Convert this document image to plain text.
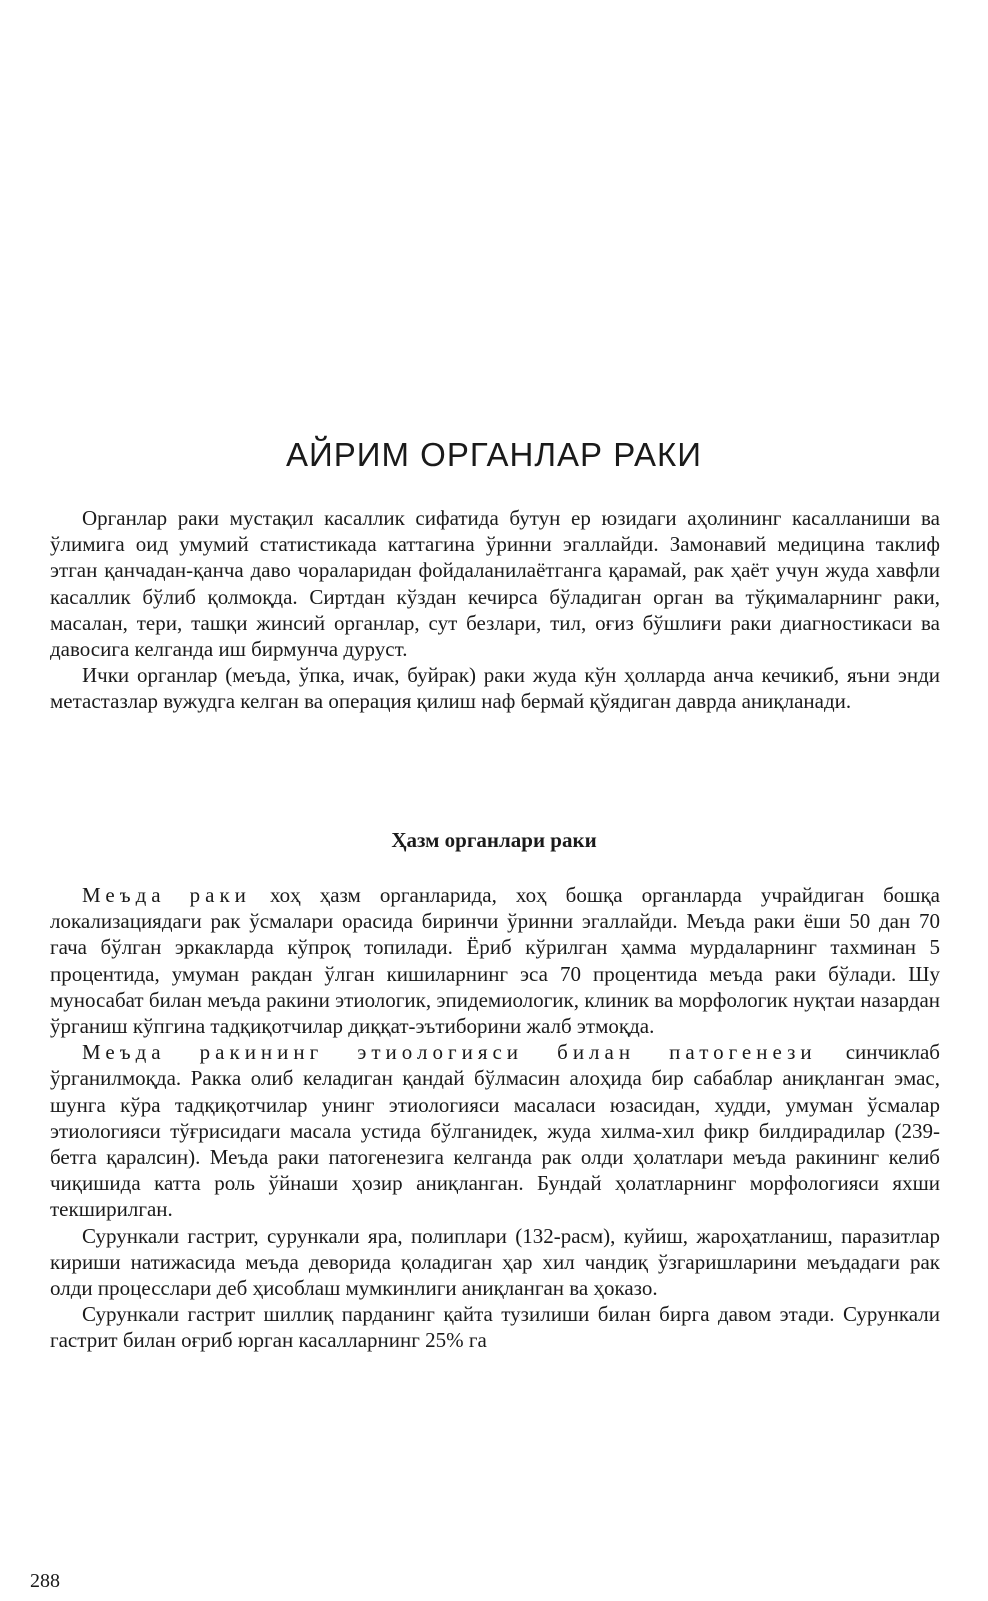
АЙРИМ ОРГАНЛАР РАКИ

Органлар раки мустақил касаллик сифатида бутун ер юзидаги аҳолининг касалланиши ва ўлимига оид умумий статистикада каттагина ўринни эгаллайди. Замонавий медицина таклиф этган қанчадан-қанча даво чораларидан фойдаланилаётганга қарамай, рак ҳаёт учун жуда хавфли касаллик бўлиб қолмоқда. Сиртдан кўздан кечирса бўладиган орган ва тўқималарнинг раки, масалан, тери, ташқи жинсий органлар, сут безлари, тил, оғиз бўшлиғи раки диагностикаси ва давосига келганда иш бирмунча дуруст.

Ички органлар (меъда, ўпка, ичак, буйрак) раки жуда кўн ҳолларда анча кечикиб, яъни энди метастазлар вужудга келган ва операция қилиш наф бермай қўядиган даврда аниқланади.

Ҳазм органлари раки

Меъда раки хоҳ ҳазм органларида, хоҳ бошқа органларда учрайдиган бошқа локализациядаги рак ўсмалари орасида биринчи ўринни эгаллайди. Меъда раки ёши 50 дан 70 гача бўлган эркакларда кўпроқ топилади. Ёриб кўрилган ҳамма мурдаларнинг тахминан 5 процентида, умуман ракдан ўлган кишиларнинг эса 70 процентида меъда раки бўлади. Шу муносабат билан меъда ракини этиологик, эпидемиологик, клиник ва морфологик нуқтаи назардан ўрганиш кўпгина тадқиқотчилар диққат-эътиборини жалб этмоқда.

Меъда ракининг этиологияси билан патогенези синчиклаб ўрганилмоқда. Ракка олиб келадиган қандай бўлмасин алоҳида бир сабаблар аниқланган эмас, шунга кўра тадқиқотчилар унинг этиологияси масаласи юзасидан, худди, умуман ўсмалар этиологияси тўғрисидаги масала устида бўлганидек, жуда хилма-хил фикр билдирадилар (239-бетга қаралсин). Меъда раки патогенезига келганда рак олди ҳолатлари меъда ракининг келиб чиқишида катта роль ўйнаши ҳозир аниқланган. Бундай ҳолатларнинг морфологияси яхши текширилган.

Сурункали гастрит, сурункали яра, полиплари (132-расм), куйиш, жароҳатланиш, паразитлар кириши натижасида меъда деворида қоладиган ҳар хил чандиқ ўзгаришларини меъдадаги рак олди процесслари деб ҳисоблаш мумкинлиги аниқланган ва ҳоказо.

Сурункали гастрит шиллиқ парданинг қайта тузилиши билан бирга давом этади. Сурункали гастрит билан оғриб юрган касалларнинг 25% га

288
